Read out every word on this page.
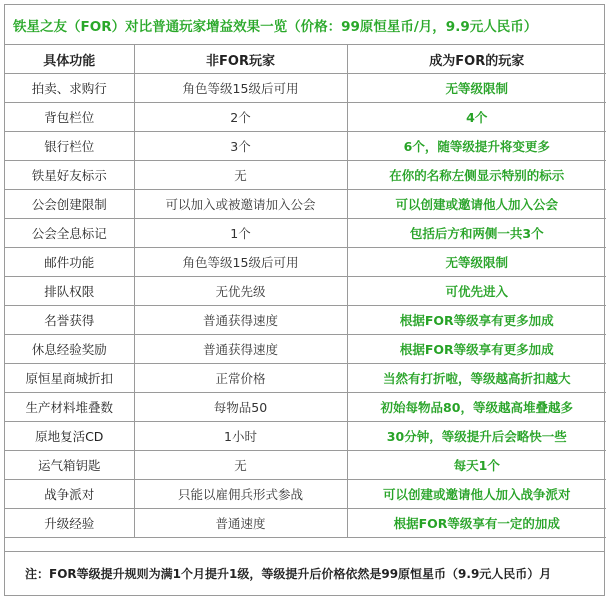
铁星之友（FOR）对比普通玩家增益效果一览（价格：99原恒星币/月，9.9元人民币）
具体功能	非FOR玩家	成为FOR的玩家
拍卖、求购行	角色等级15级后可用	无等级限制
背包栏位	2个	4个
银行栏位	3个	6个，随等级提升将变更多
铁星好友标示	无	在你的名称左侧显示特别的标示
公会创建限制	可以加入或被邀请加入公会	可以创建或邀请他人加入公会
公会全息标记	1个	包括后方和两侧一共3个
邮件功能	角色等级15级后可用	无等级限制
排队权限	无优先级	可优先进入
名誉获得	普通获得速度	根据FOR等级享有更多加成
休息经验奖励	普通获得速度	根据FOR等级享有更多加成
原恒星商城折扣	正常价格	当然有打折啦，等级越高折扣越大
生产材料堆叠数	每物品50	初始每物品80，等级越高堆叠越多
原地复活CD	1小时	30分钟，等级提升后会略快一些
运气箱钥匙	无	每天1个
战争派对	只能以雇佣兵形式参战	可以创建或邀请他人加入战争派对
升级经验	普通速度	根据FOR等级享有一定的加成
注：FOR等级提升规则为满1个月提升1级，等级提升后价格依然是99原恒星币（9.9元人民币）月
